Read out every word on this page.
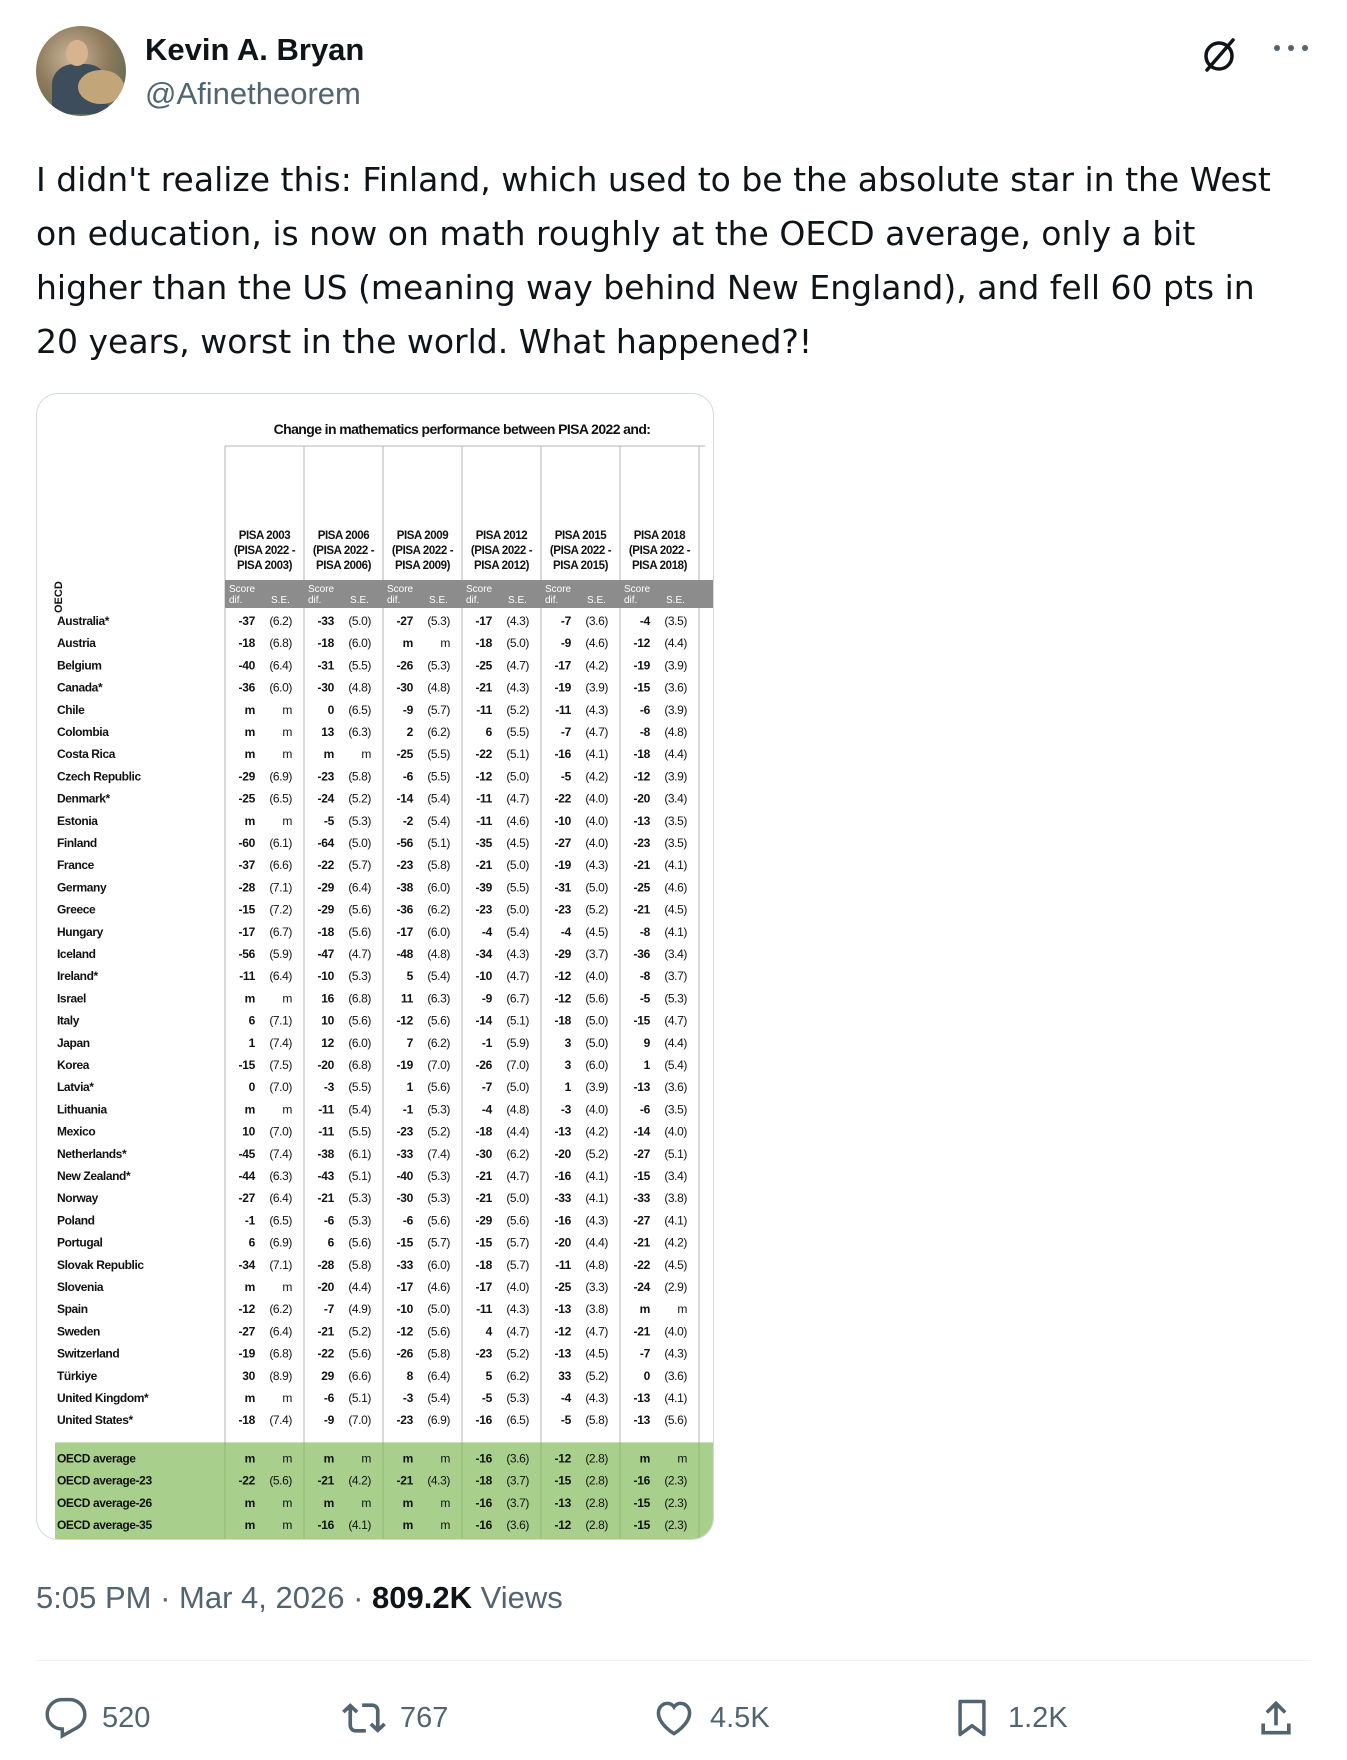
Kevin A. Bryan
@Afinetheorem
I didn't realize this: Finland, which used to be the absolute star in the West on education, is now on math roughly at the OECD average, only a bit higher than the US (meaning way behind New England), and fell 60 pts in 20 years, worst in the world. What happened?!
Change in mathematics performance between PISA 2022 and:
PISA 2003
(PISA 2022 -
PISA 2003)
PISA 2006
(PISA 2022 -
PISA 2006)
PISA 2009
(PISA 2022 -
PISA 2009)
PISA 2012
(PISA 2022 -
PISA 2012)
PISA 2015
(PISA 2022 -
PISA 2015)
PISA 2018
(PISA 2022 -
PISA 2018)
Score
dif.	S.E.
Score
dif.	S.E.
Score
dif.	S.E.
Score
dif.	S.E.
Score
dif.	S.E.
Score
dif.	S.E.
Australia*	-37 (6.2) -33 (5.0) -27 (5.3) -17 (4.3)	-7 (3.6)	-4 (3.5)
Austria	-18 (6.8) -18 (6.0)	m m -18 (5.0)	-9 (4.6) -12 (4.4)
Belgium	-40 (6.4) -31 (5.5) -26 (5.3) -25 (4.7) -17 (4.2) -19 (3.9)
Canada*	-36 (6.0) -30 (4.8) -30 (4.8) -21 (4.3) -19 (3.9) -15 (3.6)
Chile	m m	0 (6.5)	-9 (5.7) -11 (5.2) -11 (4.3)	-6 (3.9)
Colombia	m m 13 (6.3)	2 (6.2)	6 (5.5)	-7 (4.7)	-8 (4.8)
Costa Rica	m m	m m -25 (5.5) -22 (5.1) -16 (4.1) -18 (4.4)
Czech Republic	-29 (6.9) -23 (5.8)	-6 (5.5) -12 (5.0)	-5 (4.2) -12 (3.9)
Denmark*	-25 (6.5) -24 (5.2) -14 (5.4) -11 (4.7) -22 (4.0) -20 (3.4)
Estonia	m m	-5 (5.3)	-2 (5.4) -11 (4.6) -10 (4.0) -13 (3.5)
Finland	-60 (6.1) -64 (5.0) -56 (5.1) -35 (4.5) -27 (4.0) -23 (3.5)
France	-37 (6.6) -22 (5.7) -23 (5.8) -21 (5.0) -19 (4.3) -21 (4.1)
Germany	-28 (7.1) -29 (6.4) -38 (6.0) -39 (5.5) -31 (5.0) -25 (4.6)
Greece	-15 (7.2) -29 (5.6) -36 (6.2) -23 (5.0) -23 (5.2) -21 (4.5)
Hungary	-17 (6.7) -18 (5.6) -17 (6.0)	-4 (5.4)	-4 (4.5)	-8 (4.1)
Iceland	-56 (5.9) -47 (4.7) -48 (4.8) -34 (4.3) -29 (3.7) -36 (3.4)
Ireland*	-11 (6.4) -10 (5.3)	5 (5.4) -10 (4.7) -12 (4.0)	-8 (3.7)
Israel	m m 16 (6.8) 11 (6.3)	-9 (6.7) -12 (5.6)	-5 (5.3)
Italy	6 (7.1) 10 (5.6) -12 (5.6) -14 (5.1) -18 (5.0) -15 (4.7)
Japan	1 (7.4) 12 (6.0)	7 (6.2)	-1 (5.9)	3 (5.0)	9 (4.4)
Korea	-15 (7.5) -20 (6.8) -19 (7.0) -26 (7.0)	3 (6.0)	1 (5.4)
Latvia*	0 (7.0)	-3 (5.5)	1 (5.6)	-7 (5.0)	1 (3.9) -13 (3.6)
Lithuania	m m -11 (5.4)	-1 (5.3)	-4 (4.8)	-3 (4.0)	-6 (3.5)
Mexico	10 (7.0) -11 (5.5) -23 (5.2) -18 (4.4) -13 (4.2) -14 (4.0)
Netherlands*	-45 (7.4) -38 (6.1) -33 (7.4) -30 (6.2) -20 (5.2) -27 (5.1)
New Zealand*	-44 (6.3) -43 (5.1) -40 (5.3) -21 (4.7) -16 (4.1) -15 (3.4)
Norway	-27 (6.4) -21 (5.3) -30 (5.3) -21 (5.0) -33 (4.1) -33 (3.8)
Poland	-1 (6.5)	-6 (5.3)	-6 (5.6) -29 (5.6) -16 (4.3) -27 (4.1)
Portugal	6 (6.9)	6 (5.6) -15 (5.7) -15 (5.7) -20 (4.4) -21 (4.2)
Slovak Republic	-34 (7.1) -28 (5.8) -33 (6.0) -18 (5.7) -11 (4.8) -22 (4.5)
Slovenia	m m -20 (4.4) -17 (4.6) -17 (4.0) -25 (3.3) -24 (2.9)
Spain	-12 (6.2)	-7 (4.9) -10 (5.0) -11 (4.3) -13 (3.8)	m m
Sweden	-27 (6.4) -21 (5.2) -12 (5.6)	4 (4.7) -12 (4.7) -21 (4.0)
Switzerland	-19 (6.8) -22 (5.6) -26 (5.8) -23 (5.2) -13 (4.5)	-7 (4.3)
Türkiye	30 (8.9) 29 (6.6)	8 (6.4)	5 (6.2) 33 (5.2)	0 (3.6)
United Kingdom*	m m	-6 (5.1)	-3 (5.4)	-5 (5.3)	-4 (4.3) -13 (4.1)
United States*	-18 (7.4)	-9 (7.0) -23 (6.9) -16 (6.5)	-5 (5.8) -13 (5.6)
OECD
OECD average	m m	m m	m m -16 (3.6) -12 (2.8)	m m
OECD average-23	-22 (5.6) -21 (4.2) -21 (4.3) -18 (3.7) -15 (2.8) -16 (2.3)
OECD average-26	m m	m m	m m -16 (3.7) -13 (2.8) -15 (2.3)
OECD average-35	m m -16 (4.1)	m m -16 (3.6) -12 (2.8) -15 (2.3)
5:05 PM · Mar 4, 2026 · 809.2K Views
520	767	4.5K	1.2K
